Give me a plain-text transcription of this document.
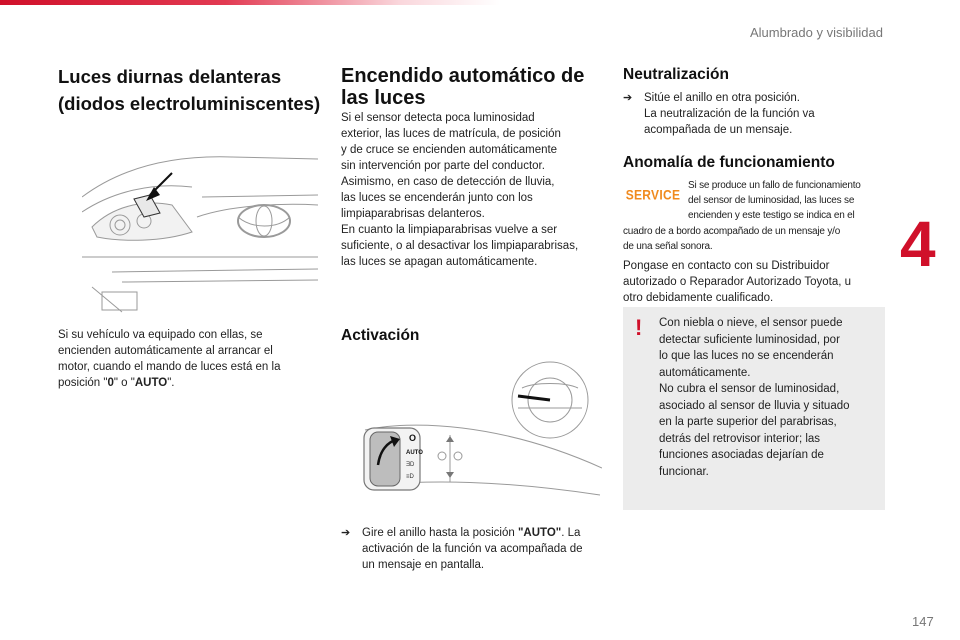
Alumbrado y visibilidad
4
147
Luces diurnas delanteras
(diodos electroluminiscentes)
Si su vehículo va equipado con ellas, se encienden automáticamente al arrancar el motor, cuando el mando de luces está en la posición "0" o "AUTO".
Encendido automático de las luces
Si el sensor detecta poca luminosidad
exterior, las luces de matrícula, de posición
y de cruce se encienden automáticamente
sin intervención por parte del conductor.
Asimismo, en caso de detección de lluvia,
las luces se encenderán junto con los
limpiaparabrisas delanteros.
En cuanto la limpiaparabrisas vuelve a ser
suficiente, o al desactivar los limpiaparabrisas,
las luces se apagan automáticamente.
Activación
O
AUTO
ƎD
≡D
➔ Gire el anillo hasta la posición "AUTO". La
activación de la función va acompañada de
un mensaje en pantalla.
Neutralización
➔ Sitúe el anillo en otra posición.
La neutralización de la función va
acompañada de un mensaje.
Anomalía de funcionamiento
SERVICE
Si se produce un fallo de funcionamiento
del sensor de luminosidad, las luces se
encienden y este testigo se indica en el
cuadro de a bordo acompañado de un mensaje y/o
de una señal sonora.
Pongase en contacto con su Distribuidor
autorizado o Reparador Autorizado Toyota, u
otro debidamente cualificado.
! Con niebla o nieve, el sensor puede
detectar suficiente luminosidad, por
lo que las luces no se encenderán
automáticamente.
No cubra el sensor de luminosidad,
asociado al sensor de lluvia y situado
en la parte superior del parabrisas,
detrás del retrovisor interior; las
funciones asociadas dejarían de
funcionar.
